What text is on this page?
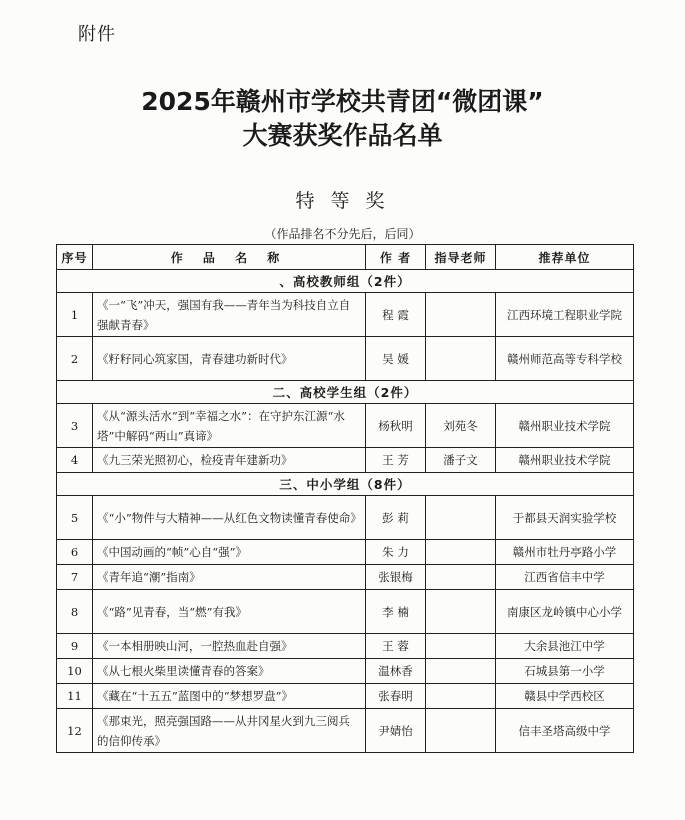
附件
2025年赣州市学校共青团“微团课”
大赛获奖作品名单
特 等 奖
（作品排名不分先后，后同）
序号	作 品 名 称	作 者	指导老师	推荐单位
、高校教师组（2件）				
1	《一“飞”冲天，强国有我——青年当为科技自立自强献青春》	程 霞		江西环境工程职业学院
2	《籽籽同心筑家国，青春建功新时代》	吴 媛		赣州师范高等专科学校
二、高校学生组（2件）				
3	《从“源头活水”到“幸福之水”：在守护东江源“水塔”中解码“两山”真谛》	杨秋明	刘苑冬	赣州职业技术学院
4	《九三荣光照初心，检疫青年建新功》	王 芳	潘子文	赣州职业技术学院
三、中小学组（8件）				
5	《“小”物件与大精神——从红色文物读懂青春使命》	彭 莉		于都县天润实验学校
6	《中国动画的“帧”心自“强”》	朱 力		赣州市牡丹亭路小学
7	《青年追“潮”指南》	张银梅		江西省信丰中学
8	《“路”见青春，当“燃”有我》	李 楠		南康区龙岭镇中心小学
9	《一本相册映山河，一腔热血赴自强》	王 蓉		大余县池江中学
10	《从七根火柴里读懂青春的答案》	温林香		石城县第一小学
11	《藏在“十五五”蓝图中的“梦想罗盘”》	张春明		赣县中学西校区
12	《那束光，照亮强国路——从井冈星火到九三阅兵的信仰传承》	尹婧怡		信丰圣塔高级中学
